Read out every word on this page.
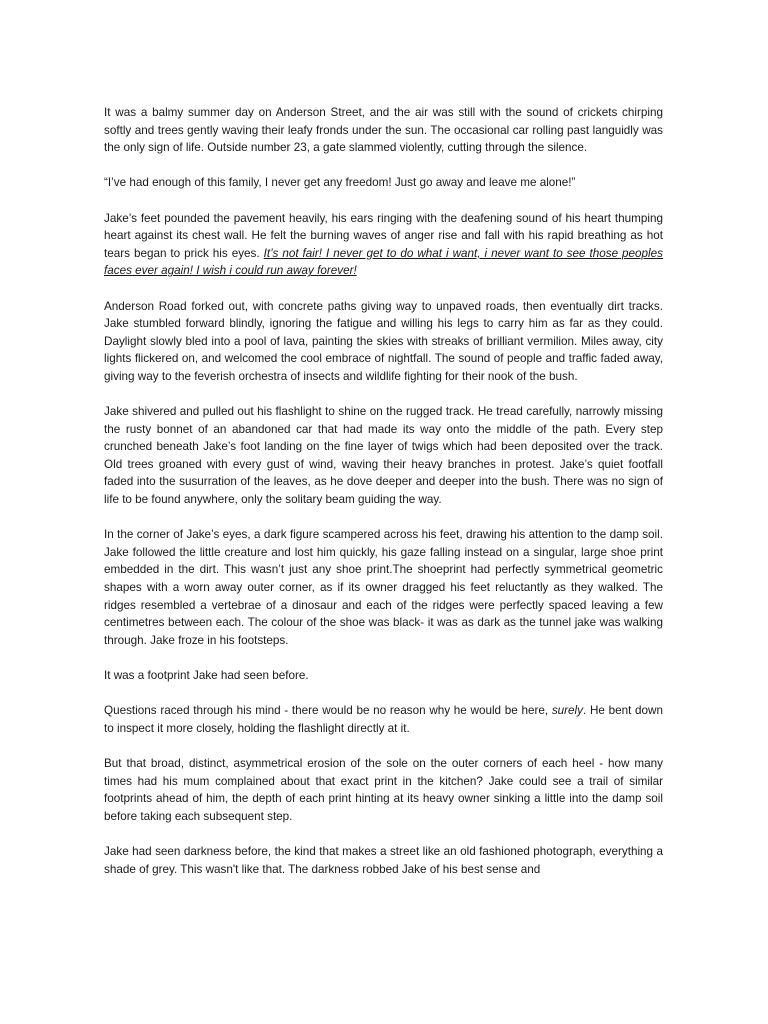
It was a balmy summer day on Anderson Street, and the air was still with the sound of crickets chirping softly and trees gently waving their leafy fronds under the sun. The occasional car rolling past languidly was the only sign of life. Outside number 23, a gate slammed violently, cutting through the silence.

“I’ve had enough of this family, I never get any freedom! Just go away and leave me alone!”

Jake’s feet pounded the pavement heavily, his ears ringing with the deafening sound of his heart thumping heart against its chest wall. He felt the burning waves of anger rise and fall with his rapid breathing as hot tears began to prick his eyes. It’s not fair! I never get to do what i want, i never want to see those peoples faces ever again! I wish i could run away forever!

Anderson Road forked out, with concrete paths giving way to unpaved roads, then eventually dirt tracks. Jake stumbled forward blindly, ignoring the fatigue and willing his legs to carry him as far as they could. Daylight slowly bled into a pool of lava, painting the skies with streaks of brilliant vermilion. Miles away, city lights flickered on, and welcomed the cool embrace of nightfall. The sound of people and traffic faded away, giving way to the feverish orchestra of insects and wildlife fighting for their nook of the bush.

Jake shivered and pulled out his flashlight to shine on the rugged track. He tread carefully, narrowly missing the rusty bonnet of an abandoned car that had made its way onto the middle of the path. Every step crunched beneath Jake’s foot landing on the fine layer of twigs which had been deposited over the track. Old trees groaned with every gust of wind, waving their heavy branches in protest. Jake’s quiet footfall faded into the susurration of the leaves, as he dove deeper and deeper into the bush. There was no sign of life to be found anywhere, only the solitary beam guiding the way.

In the corner of Jake’s eyes, a dark figure scampered across his feet, drawing his attention to the damp soil. Jake followed the little creature and lost him quickly, his gaze falling instead on a singular, large shoe print embedded in the dirt. This wasn’t just any shoe print.The shoeprint had perfectly symmetrical geometric shapes with a worn away outer corner, as if its owner dragged his feet reluctantly as they walked. The ridges resembled a vertebrae of a dinosaur and each of the ridges were perfectly spaced leaving a few centimetres between each. The colour of the shoe was black- it was as dark as the tunnel jake was walking through. Jake froze in his footsteps.

It was a footprint Jake had seen before.

Questions raced through his mind - there would be no reason why he would be here, surely. He bent down to inspect it more closely, holding the flashlight directly at it.

But that broad, distinct, asymmetrical erosion of the sole on the outer corners of each heel - how many times had his mum complained about that exact print in the kitchen? Jake could see a trail of similar footprints ahead of him, the depth of each print hinting at its heavy owner sinking a little into the damp soil before taking each subsequent step.

Jake had seen darkness before, the kind that makes a street like an old fashioned photograph, everything a shade of grey. This wasn't like that. The darkness robbed Jake of his best sense and
